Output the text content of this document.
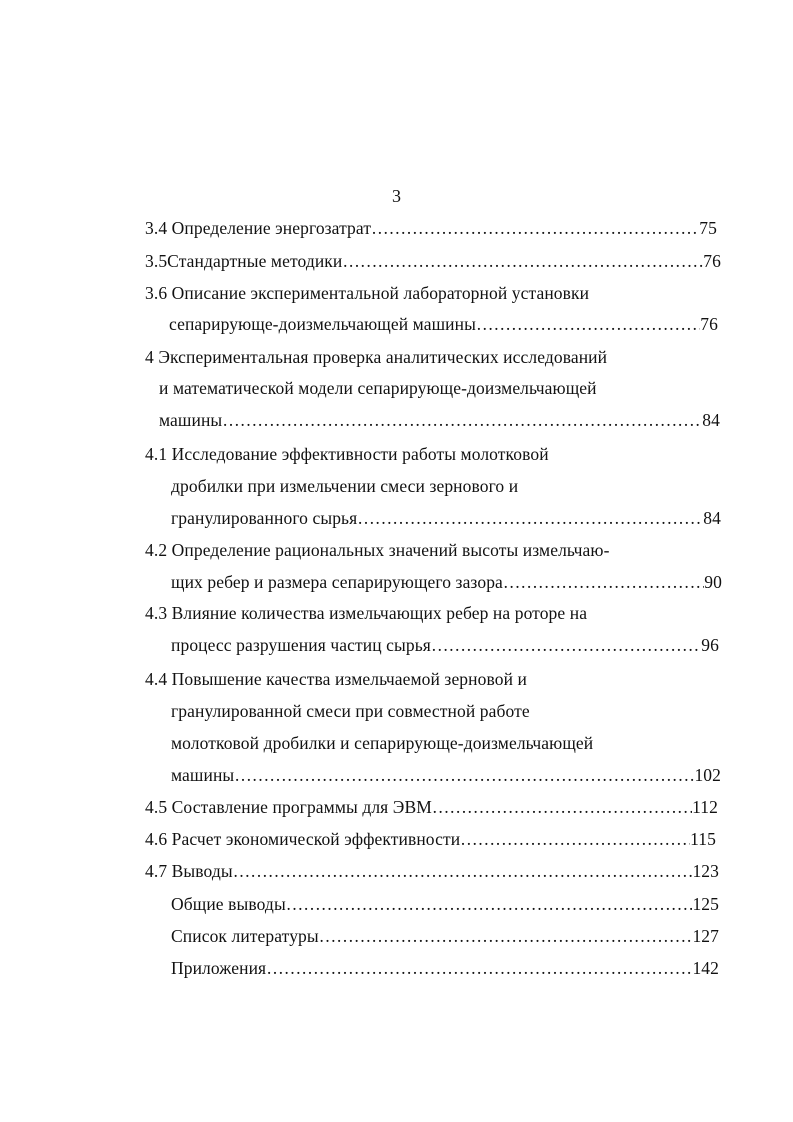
3
3.4 Определение энергозатрат ……………………………………………………………………………………………………………………………………………………………………………………	75
3.5Стандартные методики ……………………………………………………………………………………………………………………………………………………………………………………	76
3.6 Описание экспериментальной лабораторной установки
сепарирующе-доизмельчающей машины ……………………………………………………………………………………………………………………………………………………………………………………	76
4 Экспериментальная проверка аналитических исследований
и математической модели сепарирующе-доизмельчающей
машины ……………………………………………………………………………………………………………………………………………………………………………………	84
4.1 Исследование эффективности работы молотковой
дробилки при измельчении смеси зернового и
гранулированного сырья ……………………………………………………………………………………………………………………………………………………………………………………	84
4.2 Определение рациональных значений высоты измельчаю-
щих ребер и размера сепарирующего зазора ……………………………………………………………………………………………………………………………………………………………………………………	90
4.3 Влияние количества измельчающих ребер на роторе на
процесс разрушения частиц сырья ……………………………………………………………………………………………………………………………………………………………………………………	96
4.4 Повышение качества измельчаемой зерновой и
гранулированной смеси при совместной работе
молотковой дробилки и сепарирующе-доизмельчающей
машины ……………………………………………………………………………………………………………………………………………………………………………………	102
4.5 Составление программы для ЭВМ ……………………………………………………………………………………………………………………………………………………………………………………	112
4.6 Расчет экономической эффективности ……………………………………………………………………………………………………………………………………………………………………………………	115
4.7 Выводы ……………………………………………………………………………………………………………………………………………………………………………………	123
Общие выводы ……………………………………………………………………………………………………………………………………………………………………………………	125
Список литературы ……………………………………………………………………………………………………………………………………………………………………………………	127
Приложения ……………………………………………………………………………………………………………………………………………………………………………………	142
